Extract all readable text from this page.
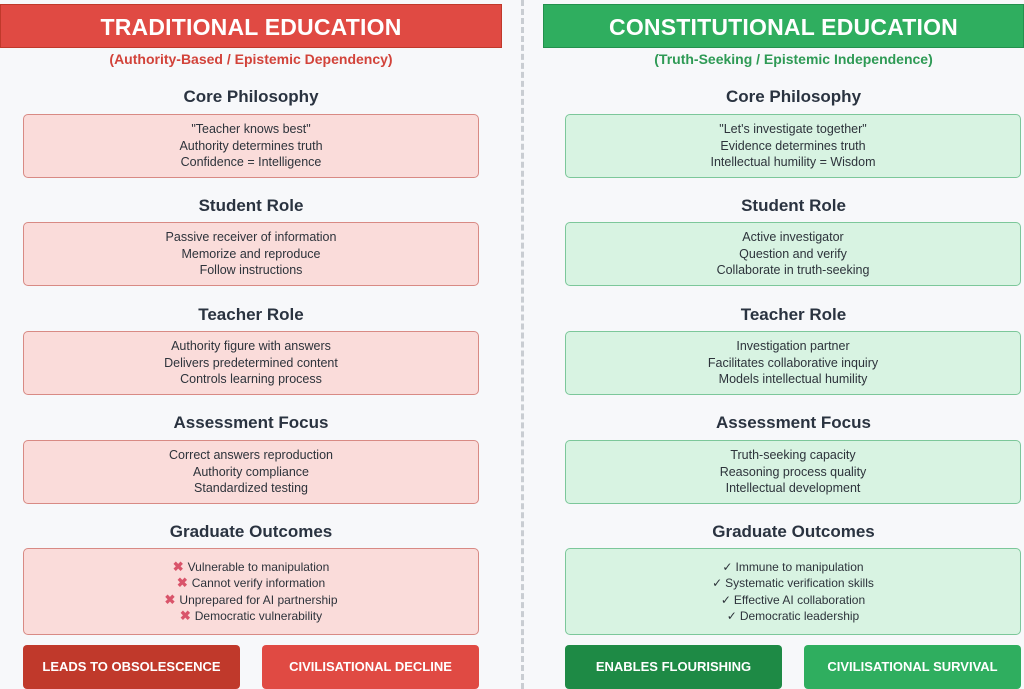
TRADITIONAL EDUCATION
(Authority-Based / Epistemic Dependency)
Core Philosophy
"Teacher knows best"
Authority determines truth
Confidence = Intelligence
Student Role
Passive receiver of information
Memorize and reproduce
Follow instructions
Teacher Role
Authority figure with answers
Delivers predetermined content
Controls learning process
Assessment Focus
Correct answers reproduction
Authority compliance
Standardized testing
Graduate Outcomes
✖ Vulnerable to manipulation
✖ Cannot verify information
✖ Unprepared for AI partnership
✖ Democratic vulnerability
LEADS TO OBSOLESCENCE	CIVILISATIONAL DECLINE
CONSTITUTIONAL EDUCATION
(Truth-Seeking / Epistemic Independence)
Core Philosophy
"Let's investigate together"
Evidence determines truth
Intellectual humility = Wisdom
Student Role
Active investigator
Question and verify
Collaborate in truth-seeking
Teacher Role
Investigation partner
Facilitates collaborative inquiry
Models intellectual humility
Assessment Focus
Truth-seeking capacity
Reasoning process quality
Intellectual development
Graduate Outcomes
✓ Immune to manipulation
✓ Systematic verification skills
✓ Effective AI collaboration
✓ Democratic leadership
ENABLES FLOURISHING	CIVILISATIONAL SURVIVAL
